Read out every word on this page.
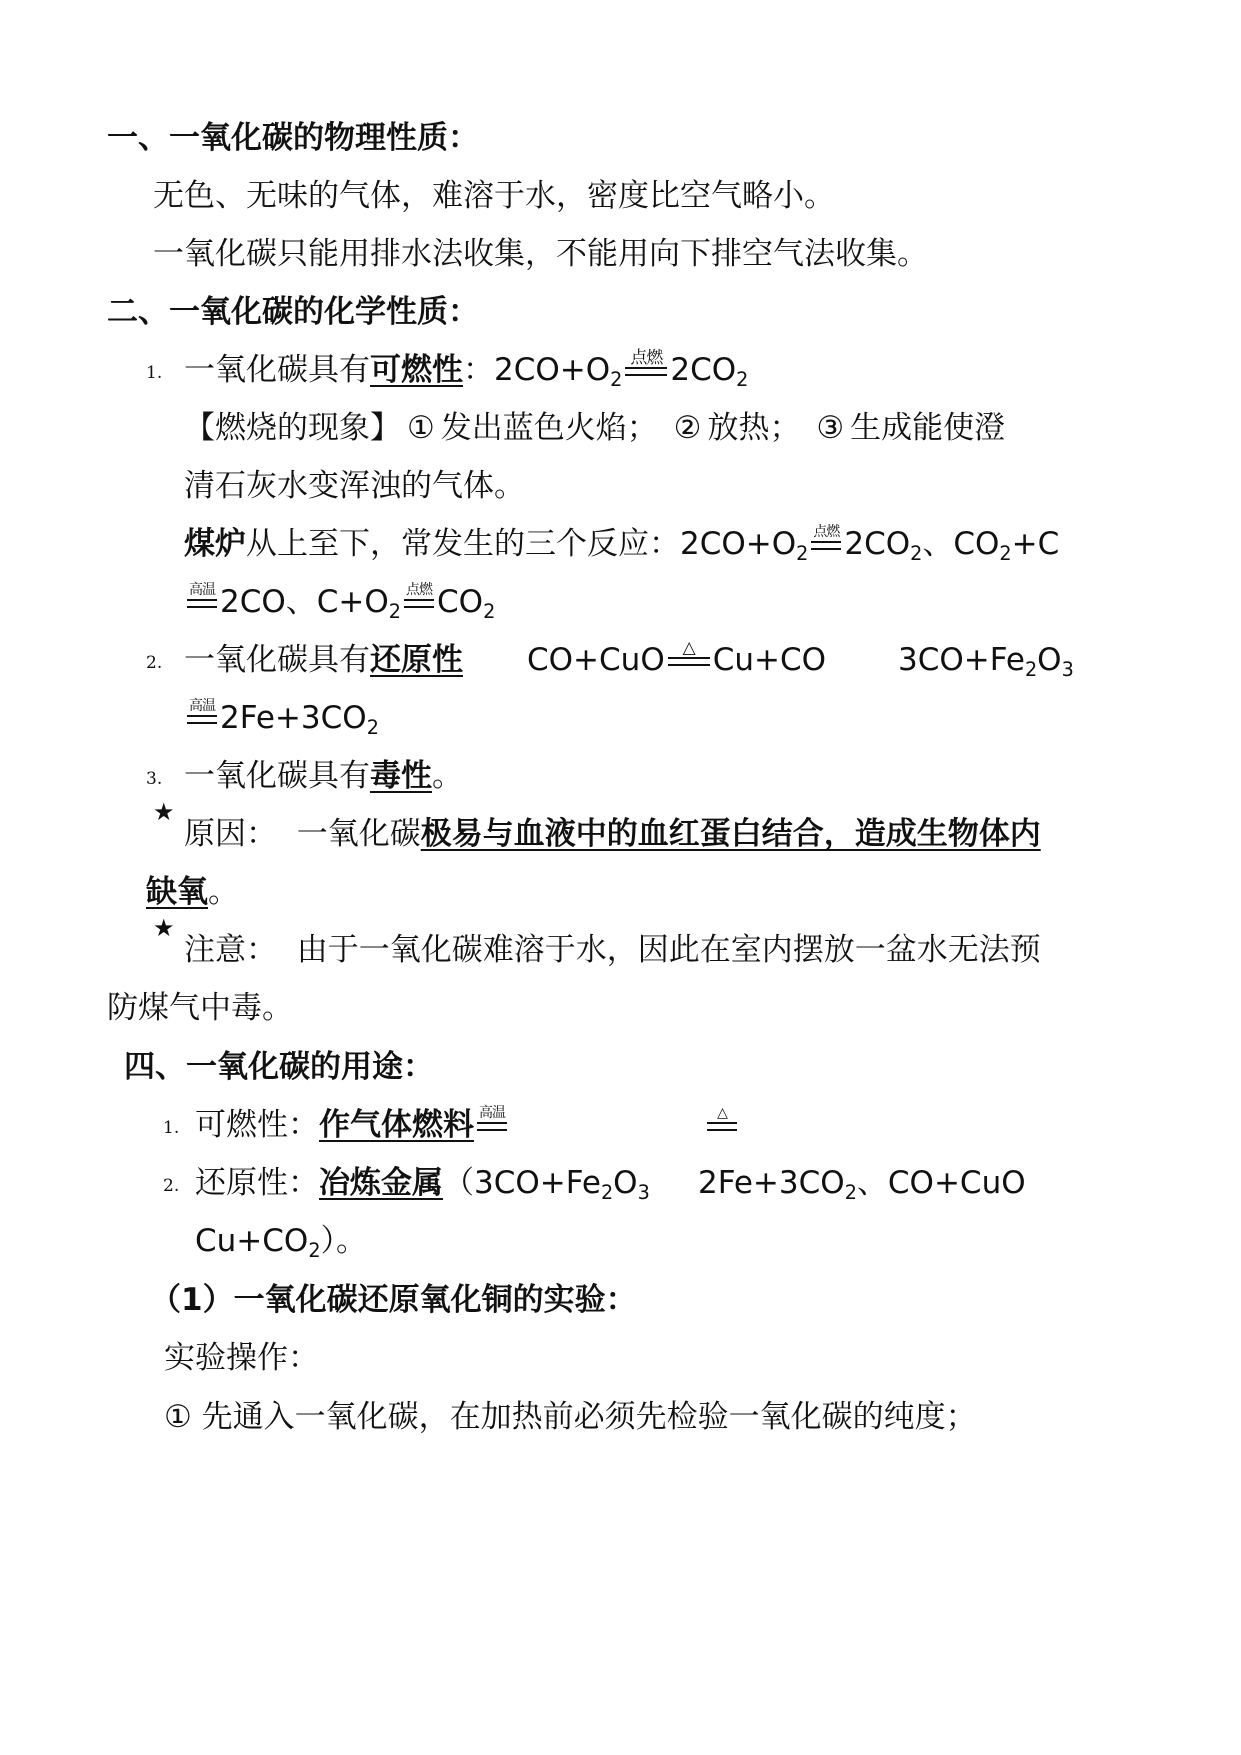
一、一氧化碳的物理性质：
无色、无味的气体，难溶于水，密度比空气略小。
一氧化碳只能用排水法收集，不能用向下排空气法收集。
二、一氧化碳的化学性质：
1. 一氧化碳具有可燃性：$2CO+O_2$
点燃 $2CO_2$
【燃烧的现象】 ① 发出蓝色火焰； ② 放热； ③ 生成能使澄
清石灰水变浑浊的气体。
煤炉从上至下，常发生的三个反应：$2CO+O_2$
点燃 $2CO_2$、$CO_2+C$
高温 2CO、$C+O_2$
点燃 $CO_2$
2. 一氧化碳具有还原性 CO+CuO	△ Cu+CO $3CO+Fe_2O_3$
高温 $2Fe+3CO_2$
3. 一氧化碳具有毒性。
★
原因： 一氧化碳极易与血液中的血红蛋白结合，造成生物体内
缺氧。
★
注意： 由于一氧化碳难溶于水，因此在室内摆放一盆水无法预
防煤气中毒。
四、一氧化碳的用途：
1. 可燃性：作气体燃料 高温	△
2. 还原性：冶炼金属（$3CO+Fe_2O_3$ $2Fe+3CO_2$、CO+CuO
$Cu+CO_2$）。
（1）一氧化碳还原氧化铜的实验：
实验操作：
① 先通入一氧化碳，在加热前必须先检验一氧化碳的纯度；
